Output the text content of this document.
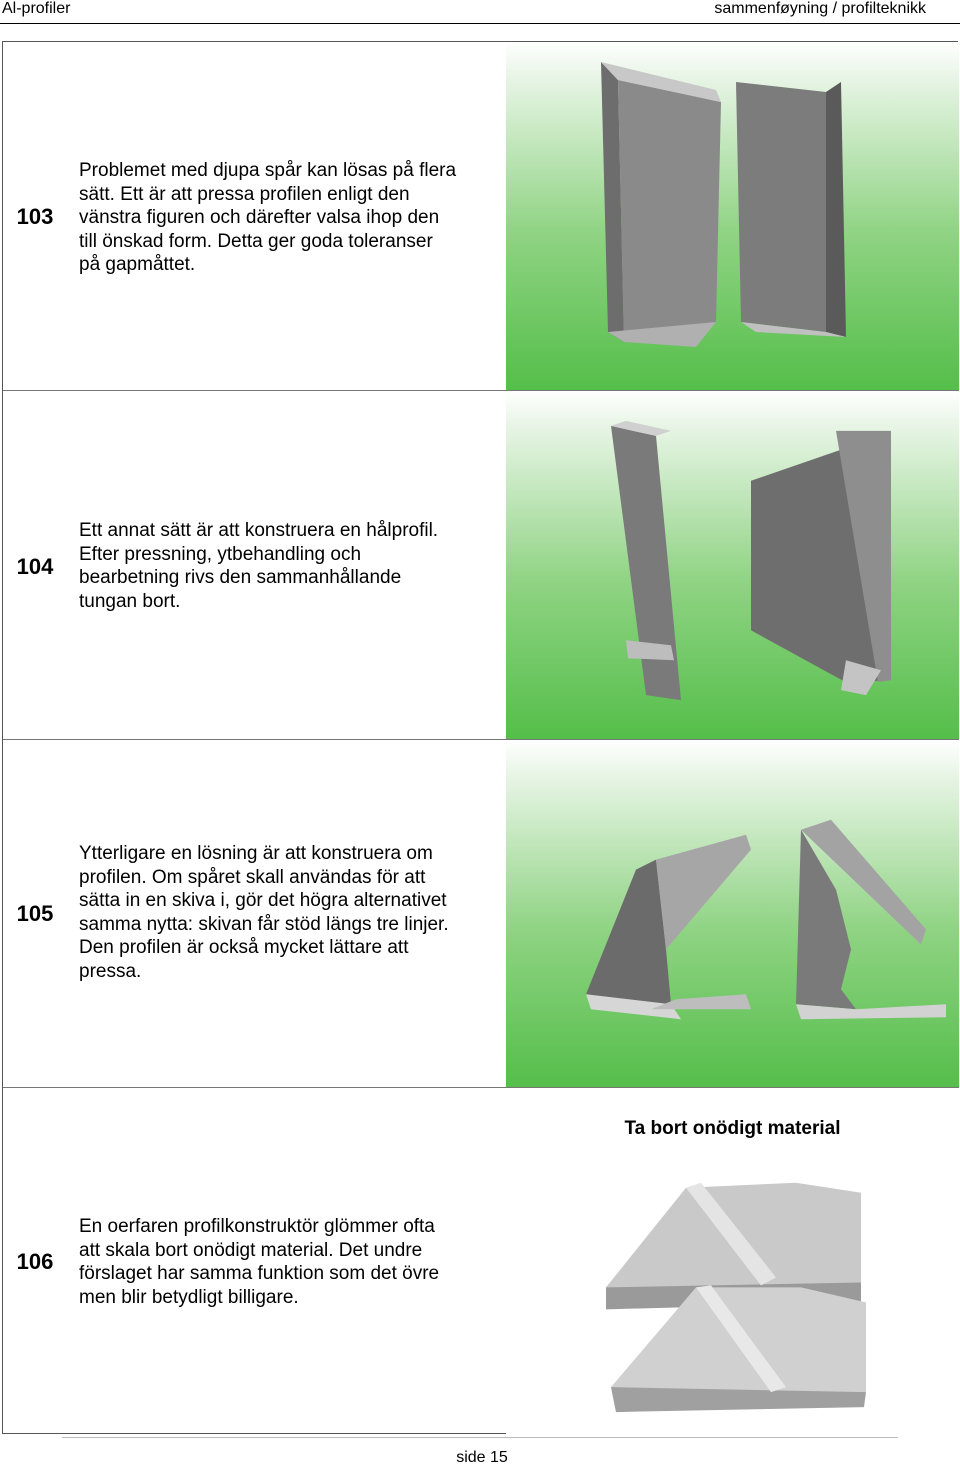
Al-profiler	sammenføyning / profilteknikk
103
Problemet med djupa spår kan lösas på flera
sätt. Ett är att pressa profilen enligt den
vänstra figuren och därefter valsa ihop den
till önskad form. Detta ger goda toleranser
på gapmåttet.
104
Ett annat sätt är att konstruera en hålprofil.
Efter pressning, ytbehandling och
bearbetning rivs den sammanhållande
tungan bort.
105
Ytterligare en lösning är att konstruera om
profilen. Om spåret skall användas för att
sätta in en skiva i, gör det högra alternativet
samma nytta: skivan får stöd längs tre linjer.
Den profilen är också mycket lättare att
pressa.
106
En oerfaren profilkonstruktör glömmer ofta
att skala bort onödigt material. Det undre
förslaget har samma funktion som det övre
men blir betydligt billigare.
Ta bort onödigt material
side 15
